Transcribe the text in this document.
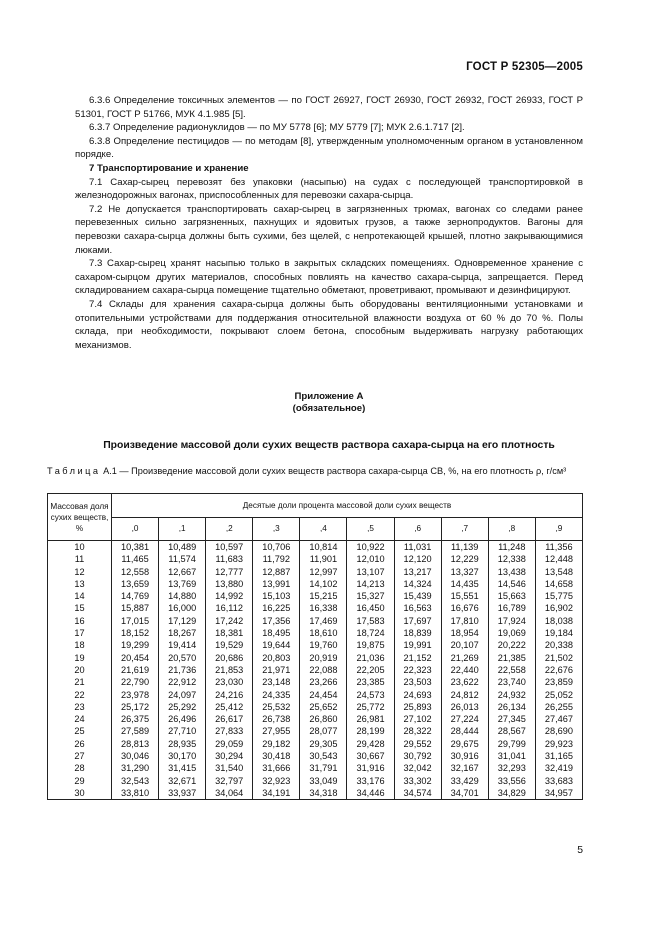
ГОСТ Р 52305—2005

6.3.6 Определение токсичных элементов — по ГОСТ 26927, ГОСТ 26930, ГОСТ 26932, ГОСТ 26933, ГОСТ Р 51301, ГОСТ Р 51766, МУК 4.1.985 [5].

6.3.7 Определение радионуклидов — по МУ 5778 [6]; МУ 5779 [7]; МУК 2.6.1.717 [2].

6.3.8 Определение пестицидов — по методам [8], утвержденным уполномоченным органом в установленном порядке.

7 Транспортирование и хранение

7.1 Сахар-сырец перевозят без упаковки (насыпью) на судах с последующей транспортировкой в железнодорожных вагонах, приспособленных для перевозки сахара-сырца.

7.2 Не допускается транспортировать сахар-сырец в загрязненных трюмах, вагонах со следами ранее перевезенных сильно загрязненных, пахнущих и ядовитых грузов, а также зернопродуктов. Вагоны для перевозки сахара-сырца должны быть сухими, без щелей, с непротекающей крышей, плотно закрывающимися люками.

7.3 Сахар-сырец хранят насыпью только в закрытых складских помещениях. Одновременное хранение с сахаром-сырцом других материалов, способных повлиять на качество сахара-сырца, запрещается. Перед складированием сахара-сырца помещение тщательно обметают, проветривают, промывают и дезинфицируют.

7.4 Склады для хранения сахара-сырца должны быть оборудованы вентиляционными установками и отопительными устройствами для поддержания относительной влажности воздуха от 60 % до 70 %. Полы склада, при необходимости, покрывают слоем бетона, способным выдерживать нагрузку работающих механизмов.

Приложение А
(обязательное)
Произведение массовой доли сухих веществ раствора сахара-сырца на его плотность
Таблица А.1 — Произведение массовой доли сухих веществ раствора сахара-сырца СВ, %, на его плотность ρ, г/см³
Массовая доля сухих веществ, %	Десятые доли процента массовой доли сухих веществ									
	,0	,1	,2	,3	,4	,5	,6	,7	,8	,9
10	10,381	10,489	10,597	10,706	10,814	10,922	11,031	11,139	11,248	11,356
11	11,465	11,574	11,683	11,792	11,901	12,010	12,120	12,229	12,338	12,448
12	12,558	12,667	12,777	12,887	12,997	13,107	13,217	13,327	13,438	13,548
13	13,659	13,769	13,880	13,991	14,102	14,213	14,324	14,435	14,546	14,658
14	14,769	14,880	14,992	15,103	15,215	15,327	15,439	15,551	15,663	15,775
15	15,887	16,000	16,112	16,225	16,338	16,450	16,563	16,676	16,789	16,902
16	17,015	17,129	17,242	17,356	17,469	17,583	17,697	17,810	17,924	18,038
17	18,152	18,267	18,381	18,495	18,610	18,724	18,839	18,954	19,069	19,184
18	19,299	19,414	19,529	19,644	19,760	19,875	19,991	20,107	20,222	20,338
19	20,454	20,570	20,686	20,803	20,919	21,036	21,152	21,269	21,385	21,502
20	21,619	21,736	21,853	21,971	22,088	22,205	22,323	22,440	22,558	22,676
21	22,790	22,912	23,030	23,148	23,266	23,385	23,503	23,622	23,740	23,859
22	23,978	24,097	24,216	24,335	24,454	24,573	24,693	24,812	24,932	25,052
23	25,172	25,292	25,412	25,532	25,652	25,772	25,893	26,013	26,134	26,255
24	26,375	26,496	26,617	26,738	26,860	26,981	27,102	27,224	27,345	27,467
25	27,589	27,710	27,833	27,955	28,077	28,199	28,322	28,444	28,567	28,690
26	28,813	28,935	29,059	29,182	29,305	29,428	29,552	29,675	29,799	29,923
27	30,046	30,170	30,294	30,418	30,543	30,667	30,792	30,916	31,041	31,165
28	31,290	31,415	31,540	31,666	31,791	31,916	32,042	32,167	32,293	32,419
29	32,543	32,671	32,797	32,923	33,049	33,176	33,302	33,429	33,556	33,683
30	33,810	33,937	34,064	34,191	34,318	34,446	34,574	34,701	34,829	34,957
5
